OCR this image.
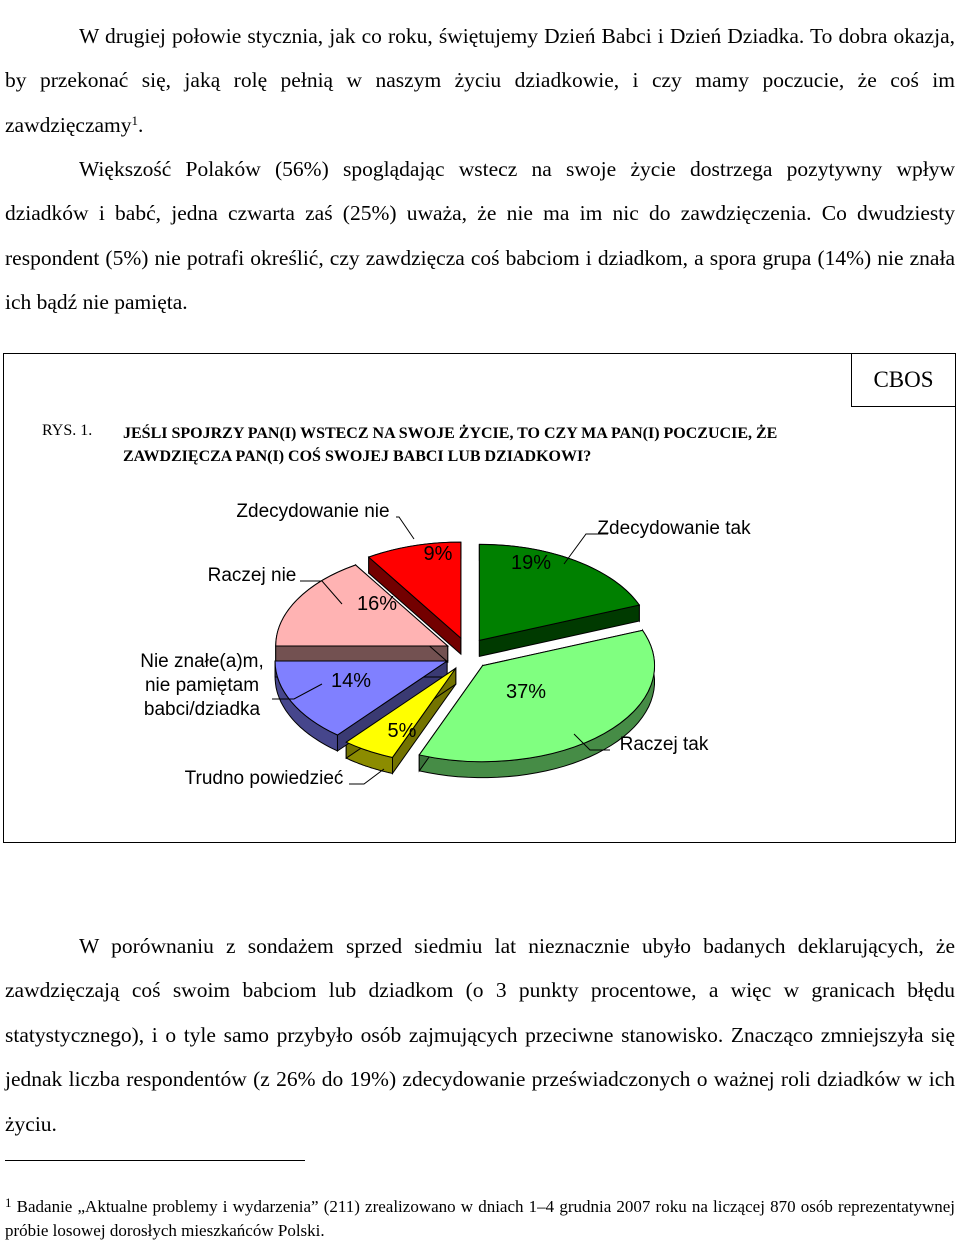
W drugiej połowie stycznia, jak co roku, świętujemy Dzień Babci i Dzień Dziadka. To dobra okazja, by przekonać się, jaką rolę pełnią w naszym życiu dziadkowie, i czy mamy poczucie, że coś im zawdzięczamy$^1$.

Większość Polaków (56%) spoglądając wstecz na swoje życie dostrzega pozytywny wpływ dziadków i babć, jedna czwarta zaś (25%) uważa, że nie ma im nic do zawdzięczenia. Co dwudziesty respondent (5%) nie potrafi określić, czy zawdzięcza coś babciom i dziadkom, a spora grupa (14%) nie znała ich bądź nie pamięta.

CBOS
RYS. 1. JEŚLI SPOJRZY PAN(I) WSTECZ NA SWOJE ŻYCIE, TO CZY MA PAN(I) POCZUCIE, ŻE ZAWDZIĘCZA PAN(I) COŚ SWOJEJ BABCI LUB DZIADKOWI?
19%
Zdecydowanie tak
37%
Raczej tak
5%
Trudno powiedzieć
14%
Nie znałe(a)m, nie pamiętam babci/dziadka
16%
Raczej nie
9%
Zdecydowanie nie

W porównaniu z sondażem sprzed siedmiu lat nieznacznie ubyło badanych deklarujących, że zawdzięczają coś swoim babciom lub dziadkom (o 3 punkty procentowe, a więc w granicach błędu statystycznego), i o tyle samo przybyło osób zajmujących przeciwne stanowisko. Znacząco zmniejszyła się jednak liczba respondentów (z 26% do 19%) zdecydowanie przeświadczonych o ważnej roli dziadków w ich życiu.

$^1$ Badanie „Aktualne problemy i wydarzenia” (211) zrealizowano w dniach 1–4 grudnia 2007 roku na liczącej 870 osób reprezentatywnej próbie losowej dorosłych mieszkańców Polski.
